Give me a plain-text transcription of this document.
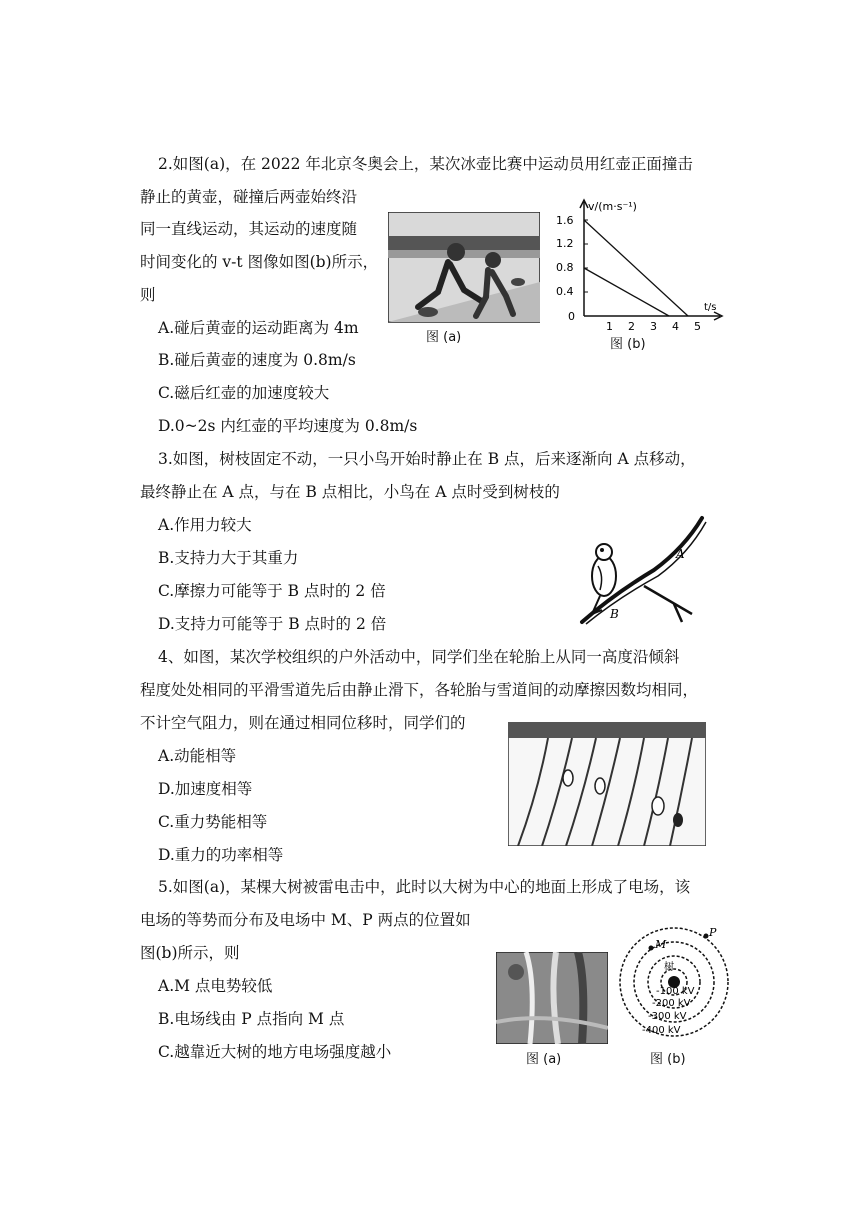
2.如图(a)，在 2022 年北京冬奥会上，某次冰壶比赛中运动员用红壶正面撞击
静止的黄壶，碰撞后两壶始终沿
同一直线运动，其运动的速度随
时间变化的 v-t 图像如图(b)所示，
则
A.碰后黄壶的运动距离为 4m
B.碰后黄壶的速度为 0.8m/s
C.磁后红壶的加速度较大
D.0~2s 内红壶的平均速度为 0.8m/s
图 (a)
v/(m·s⁻¹)
t/s
1.6
1.2
0.8
0.4
0
1 2 3 4 5
图 (b)
3.如图，树枝固定不动，一只小鸟开始时静止在 B 点，后来逐渐向 A 点移动，
最终静止在 A 点，与在 B 点相比，小鸟在 A 点时受到树枝的
A.作用力较大
B.支持力大于其重力
C.摩擦力可能等于 B 点时的 2 倍
D.支持力可能等于 B 点时的 2 倍
A
B
4、如图，某次学校组织的户外活动中，同学们坐在轮胎上从同一高度沿倾斜
程度处处相同的平滑雪道先后由静止滑下，各轮胎与雪道间的动摩擦因数均相同，
不计空气阻力，则在通过相同位移时，同学们的
A.动能相等
D.加速度相等
C.重力势能相等
D.重力的功率相等
5.如图(a)，某棵大树被雷电击中，此时以大树为中心的地面上形成了电场，该
电场的等势而分布及电场中 M、P 两点的位置如
图(b)所示，则
A.M 点电势较低
B.电场线由 P 点指向 M 点
C.越靠近大树的地方电场强度越小	图 (a)
树
M
P
-100 kV
-200 kV
-300 kV
-400 kV
图 (b)
